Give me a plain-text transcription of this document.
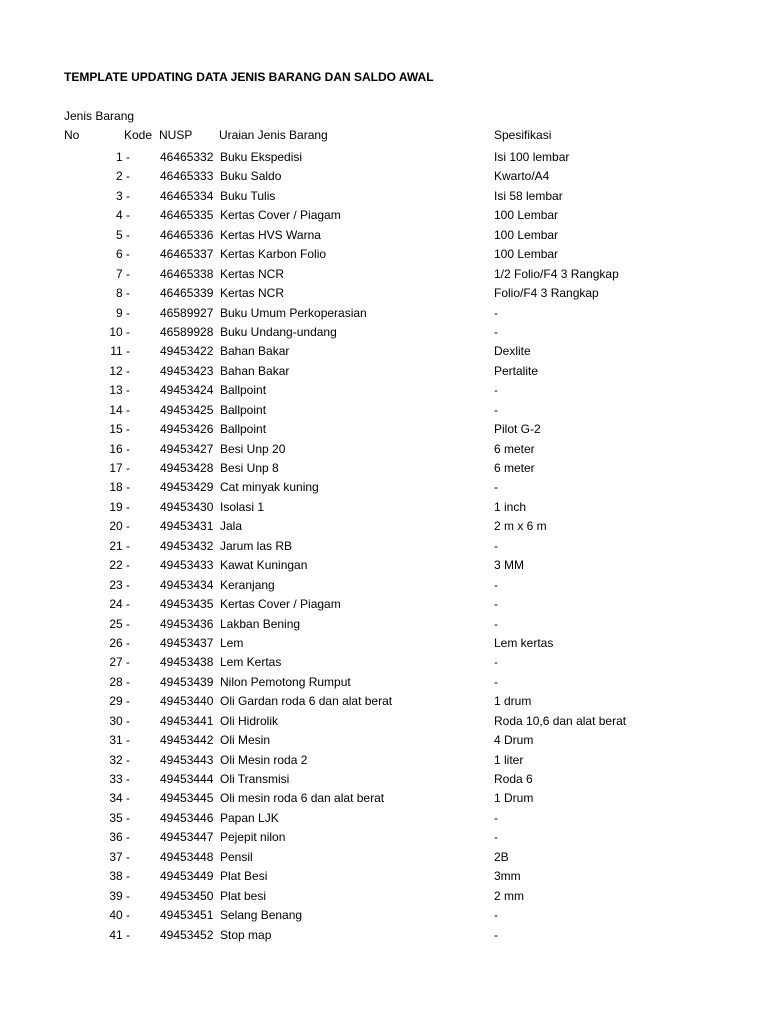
TEMPLATE UPDATING DATA JENIS BARANG DAN SALDO AWAL
Jenis Barang
No	Kode NUSP Uraian Jenis Barang	Spesifikasi
1 -	46465332 Buku Ekspedisi	Isi 100 lembar
2 -	46465333 Buku Saldo	Kwarto/A4
3 -	46465334 Buku Tulis	Isi 58 lembar
4 -	46465335 Kertas Cover / Piagam	100 Lembar
5 -	46465336 Kertas HVS Warna	100 Lembar
6 -	46465337 Kertas Karbon Folio	100 Lembar
7 -	46465338 Kertas NCR	1/2 Folio/F4 3 Rangkap
8 -	46465339 Kertas NCR	Folio/F4 3 Rangkap
9 -	46589927 Buku Umum Perkoperasian	-
10 -	46589928 Buku Undang-undang	-
11 -	49453422 Bahan Bakar	Dexlite
12 -	49453423 Bahan Bakar	Pertalite
13 -	49453424 Ballpoint	-
14 -	49453425 Ballpoint	-
15 -	49453426 Ballpoint	Pilot G-2
16 -	49453427 Besi Unp 20	6 meter
17 -	49453428 Besi Unp 8	6 meter
18 -	49453429 Cat minyak kuning	-
19 -	49453430 Isolasi 1	1 inch
20 -	49453431 Jala	2 m x 6 m
21 -	49453432 Jarum las RB	-
22 -	49453433 Kawat Kuningan	3 MM
23 -	49453434 Keranjang	-
24 -	49453435 Kertas Cover / Piagam	-
25 -	49453436 Lakban Bening	-
26 -	49453437 Lem	Lem kertas
27 -	49453438 Lem Kertas	-
28 -	49453439 Nilon Pemotong Rumput	-
29 -	49453440 Oli Gardan roda 6 dan alat berat	1 drum
30 -	49453441 Oli Hidrolik	Roda 10,6 dan alat berat
31 -	49453442 Oli Mesin	4 Drum
32 -	49453443 Oli Mesin roda 2	1 liter
33 -	49453444 Oli Transmisi	Roda 6
34 -	49453445 Oli mesin roda 6 dan alat berat	1 Drum
35 -	49453446 Papan LJK	-
36 -	49453447 Pejepit nilon	-
37 -	49453448 Pensil	2B
38 -	49453449 Plat Besi	3mm
39 -	49453450 Plat besi	2 mm
40 -	49453451 Selang Benang	-
41 -	49453452 Stop map	-
